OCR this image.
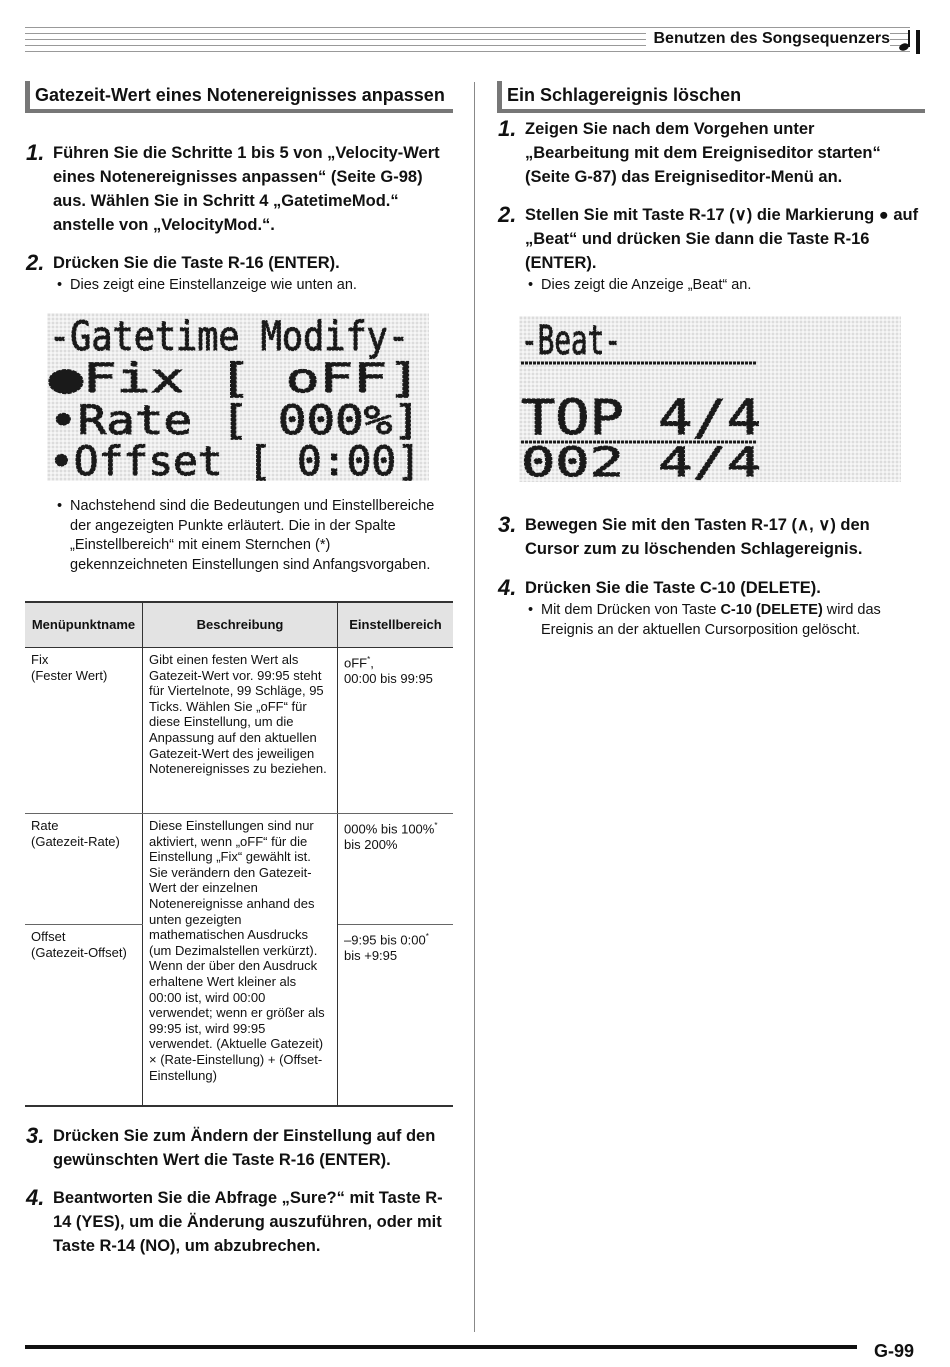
Benutzen des Songsequenzers
Gatezeit-Wert eines Notenereignisses anpassen
1. Führen Sie die Schritte 1 bis 5 von „Velocity-Wert eines Notenereignisses anpassen“ (Seite G-98) aus. Wählen Sie in Schritt 4 „GatetimeMod.“ anstelle von „VelocityMod.“.
2. Drücken Sie die Taste R-16 (ENTER).
• Dies zeigt eine Einstellanzeige wie unten an.
-Gatetime Modify-
●Fix [ oFF]
•Rate [ 000%]
•Offset [ 0:00]
• Nachstehend sind die Bedeutungen und Einstellbereiche der angezeigten Punkte erläutert. Die in der Spalte „Einstellbereich“ mit einem Sternchen (*) gekennzeichneten Einstellungen sind Anfangsvorgaben.
Menüpunktname	Beschreibung	Einstellbereich
Fix
(Fester Wert)	Gibt einen festen Wert als Gatezeit-Wert vor. 99:95 steht für Viertelnote, 99 Schläge, 95 Ticks. Wählen Sie „oFF“ für diese Einstellung, um die Anpassung auf den aktuellen Gatezeit-Wert des jeweiligen Notenereignisses zu beziehen.	oFF*,
00:00 bis 99:95
Rate
(Gatezeit-Rate)	Diese Einstellungen sind nur aktiviert, wenn „oFF“ für die Einstellung „Fix“ gewählt ist. Sie verändern den Gatezeit-Wert der einzelnen Notenereignisse anhand des unten gezeigten mathematischen Ausdrucks (um Dezimalstellen verkürzt). Wenn der über den Ausdruck erhaltene Wert kleiner als 00:00 ist, wird 00:00 verwendet; wenn er größer als 99:95 ist, wird 99:95 verwendet. (Aktuelle Gatezeit) × (Rate-Einstellung) + (Offset-Einstellung)	000% bis 100%*
bis 200%
Offset
(Gatezeit-Offset)		–9:95 bis 0:00*
bis +9:95
3. Drücken Sie zum Ändern der Einstellung auf den gewünschten Wert die Taste R-16 (ENTER).
4. Beantworten Sie die Abfrage „Sure?“ mit Taste R-14 (YES), um die Änderung auszuführen, oder mit Taste R-14 (NO), um abzubrechen.
Ein Schlagereignis löschen
1. Zeigen Sie nach dem Vorgehen unter „Bearbeitung mit dem Ereigniseditor starten“ (Seite G-87) das Ereigniseditor-Menü an.
2. Stellen Sie mit Taste R-17 (∨) die Markierung ● auf „Beat“ und drücken Sie dann die Taste R-16 (ENTER).
• Dies zeigt die Anzeige „Beat“ an.
-Beat-
TOP 4/4
002 4/4
3. Bewegen Sie mit den Tasten R-17 (∧, ∨) den Cursor zum zu löschenden Schlagereignis.
4. Drücken Sie die Taste C-10 (DELETE).
• Mit dem Drücken von Taste C-10 (DELETE) wird das Ereignis an der aktuellen Cursorposition gelöscht.
G-99
